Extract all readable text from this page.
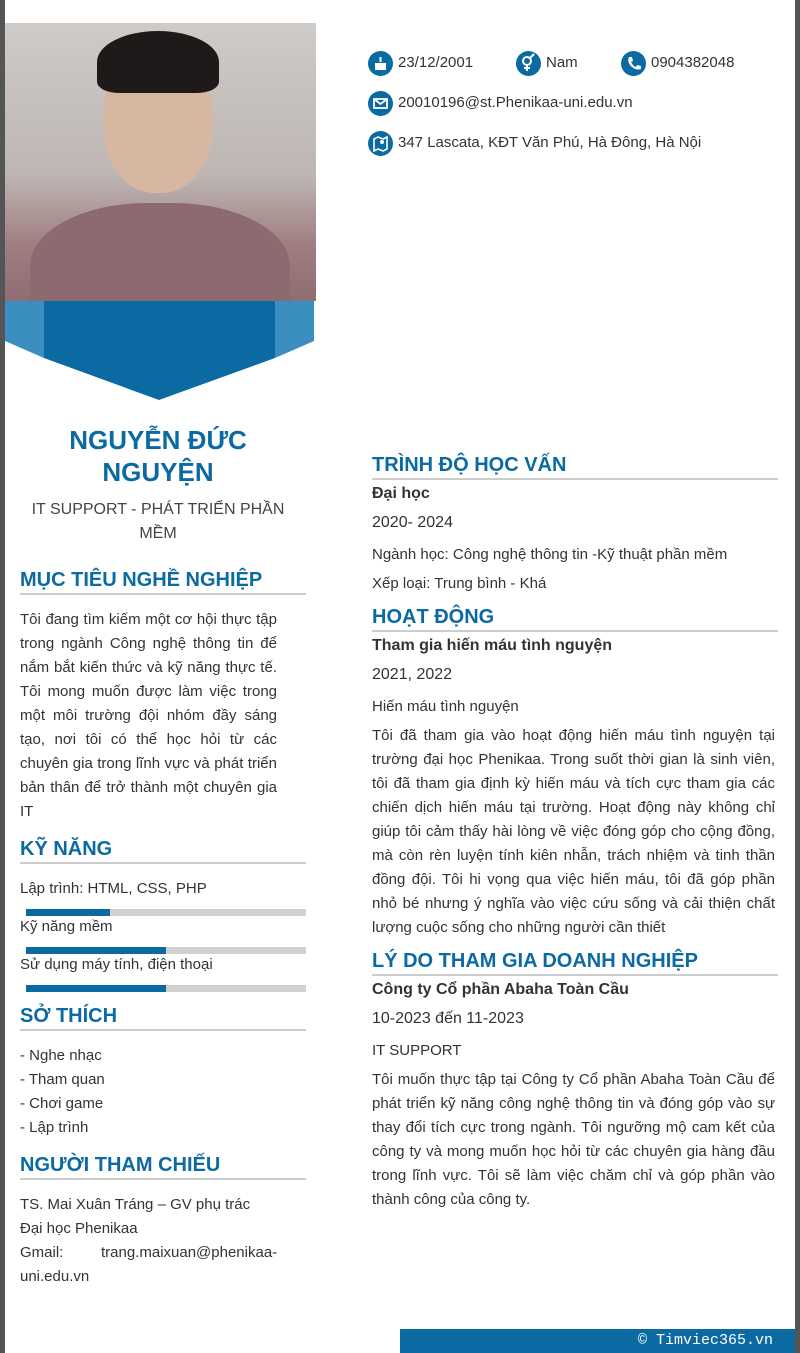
NGUYỄN ĐỨC NGUYỆN
IT SUPPORT - PHÁT TRIỂN PHẦN MỀM
23/12/2001	Nam	0904382048
20010196@st.Phenikaa-uni.edu.vn
347 Lascata, KĐT Văn Phú, Hà Đông, Hà Nội
MỤC TIÊU NGHỀ NGHIỆP
Tôi đang tìm kiếm một cơ hội thực tập trong ngành Công nghệ thông tin để nắm bắt kiến thức và kỹ năng thực tế. Tôi mong muốn được làm việc trong một môi trường đội nhóm đầy sáng tạo, nơi tôi có thể học hỏi từ các chuyên gia trong lĩnh vực và phát triển bản thân để trở thành một chuyên gia IT
KỸ NĂNG
Lập trình: HTML, CSS, PHP
Kỹ năng mềm
Sử dụng máy tính, điện thoại
SỞ THÍCH
- Nghe nhạc
- Tham quan
- Chơi game
- Lập trình
NGƯỜI THAM CHIẾU
TS. Mai Xuân Tráng – GV phụ trác
Đại học Phenikaa
Gmail:	trang.maixuan@phenikaa-
uni.edu.vn
TRÌNH ĐỘ HỌC VẤN
Đại học
2020- 2024
Ngành học: Công nghệ thông tin -Kỹ thuật phần mềm
Xếp loại: Trung bình - Khá
HOẠT ĐỘNG
Tham gia hiến máu tình nguyện
2021, 2022
Hiến máu tình nguyện
Tôi đã tham gia vào hoạt động hiến máu tình nguyện tại trường đại học Phenikaa. Trong suốt thời gian là sinh viên, tôi đã tham gia định kỳ hiến máu và tích cực tham gia các chiến dịch hiến máu tại trường. Hoạt động này không chỉ giúp tôi cảm thấy hài lòng về việc đóng góp cho cộng đồng, mà còn rèn luyện tính kiên nhẫn, trách nhiệm và tinh thần đồng đội. Tôi hi vọng qua việc hiến máu, tôi đã góp phần nhỏ bé nhưng ý nghĩa vào việc cứu sống và cải thiện chất lượng cuộc sống cho những người cần thiết
LÝ DO THAM GIA DOANH NGHIỆP
Công ty Cổ phần Abaha Toàn Cầu
10-2023 đến 11-2023
IT SUPPORT
Tôi muốn thực tập tại Công ty Cổ phần Abaha Toàn Cầu để phát triển kỹ năng công nghệ thông tin và đóng góp vào sự thay đổi tích cực trong ngành. Tôi ngưỡng mộ cam kết của công ty và mong muốn học hỏi từ các chuyên gia hàng đầu trong lĩnh vực. Tôi sẽ làm việc chăm chỉ và góp phần vào thành công của công ty.
© Timviec365.vn
